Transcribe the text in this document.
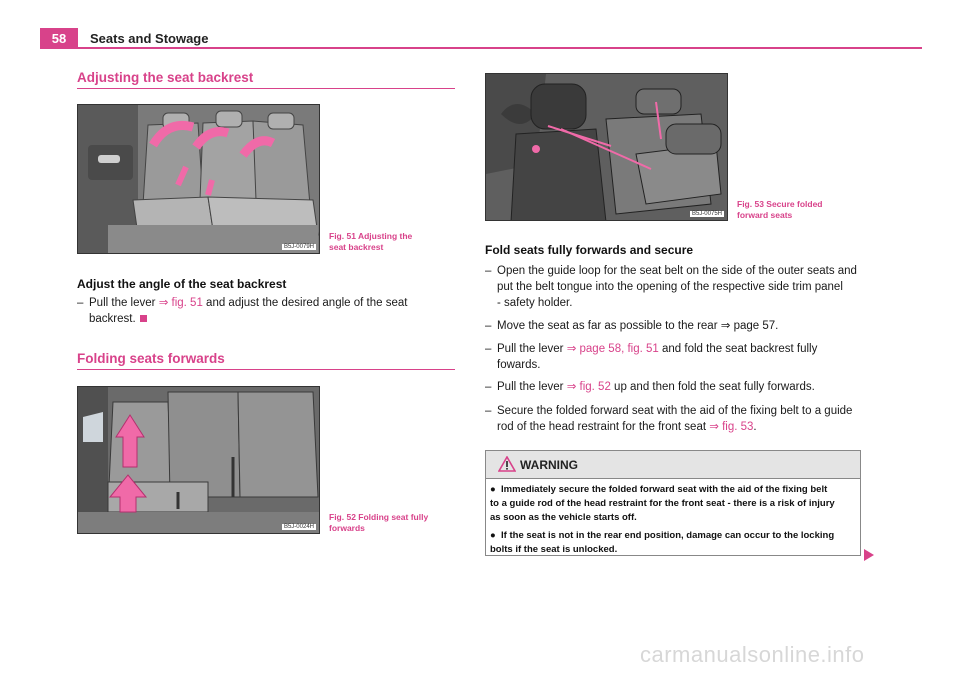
58	Seats and Stowage
Adjusting the seat backrest
B5J-0079H
Fig. 51 Adjusting the
seat backrest
Adjust the angle of the seat backrest
– Pull the lever ⇒ fig. 51 and adjust the desired angle of the seat
backrest.
Folding seats forwards
B5J-0024H
Fig. 52 Folding seat fully
forwards
B5J-0075H
Fig. 53 Secure folded
forward seats
Fold seats fully forwards and secure
– Open the guide loop for the seat belt on the side of the outer seats and
put the belt tongue into the opening of the respective side trim panel
- safety holder.
– Move the seat as far as possible to the rear ⇒ page 57.
– Pull the lever ⇒ page 58, fig. 51 and fold the seat backrest fully
fowards.
– Pull the lever ⇒ fig. 52 up and then fold the seat fully forwards.
– Secure the folded forward seat with the aid of the fixing belt to a guide
rod of the head restraint for the front seat ⇒ fig. 53.
WARNING
● Immediately secure the folded forward seat with the aid of the fixing belt
to a guide rod of the head restraint for the front seat - there is a risk of injury
as soon as the vehicle starts off.
● If the seat is not in the rear end position, damage can occur to the locking
bolts if the seat is unlocked.
carmanualsonline.info
